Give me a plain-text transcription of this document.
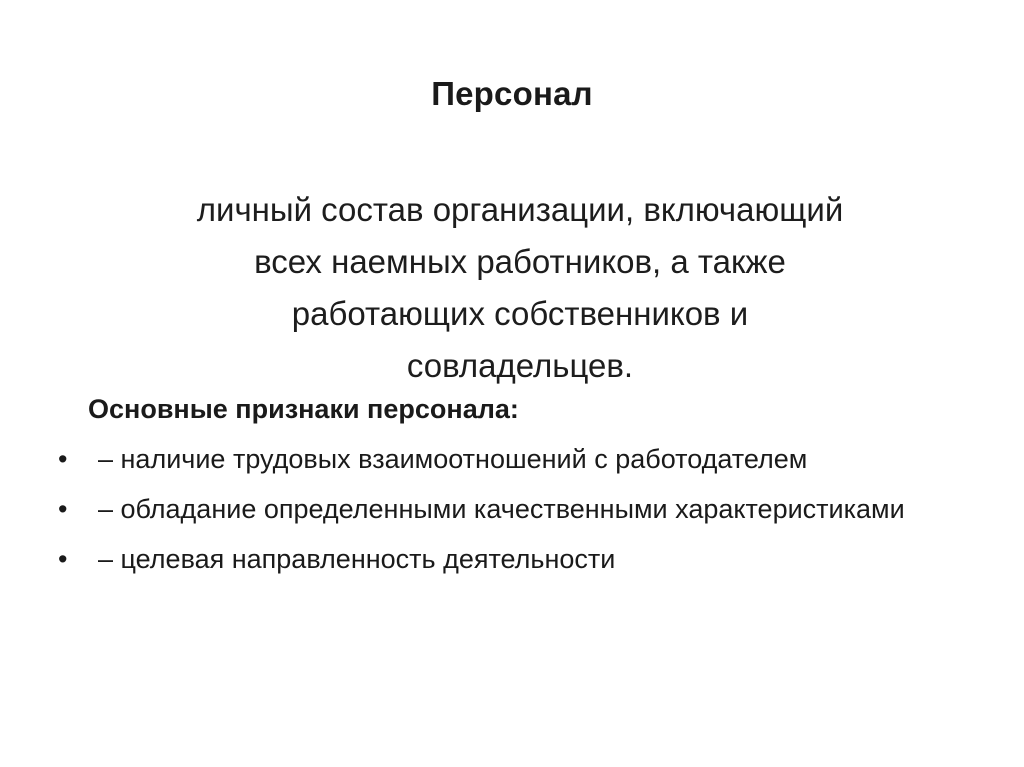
Персонал
личный состав организации, включающий
всех наемных работников, а также
работающих собственников и
совладельцев.
Основные признаки персонала:
•	– наличие трудовых взаимоотношений с работодателем
•	– обладание определенными качественными характеристиками
•	– целевая направленность деятельности
